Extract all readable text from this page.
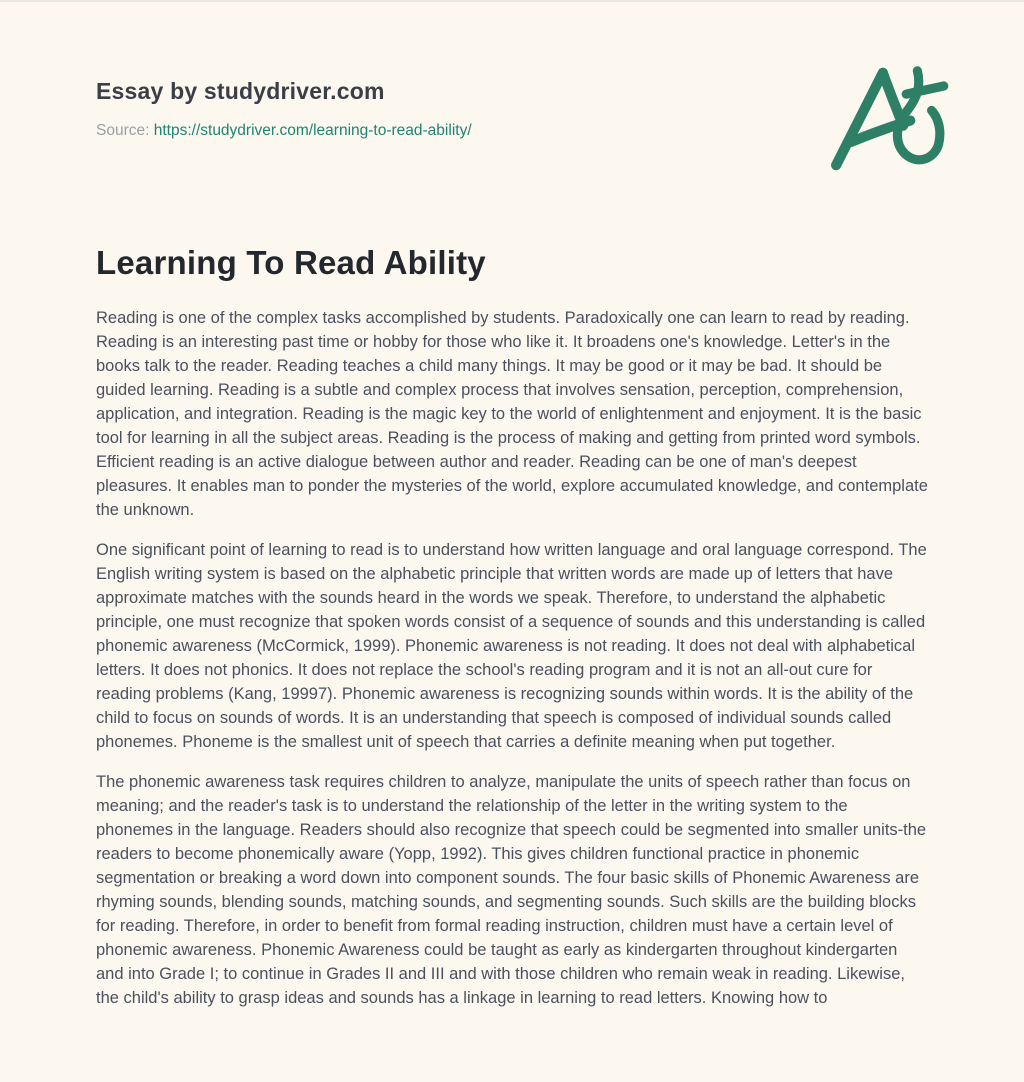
Essay by studydriver.com
Source: https://studydriver.com/learning-to-read-ability/
Learning To Read Ability

Reading is one of the complex tasks accomplished by students. Paradoxically one can learn to read by reading. Reading is an interesting past time or hobby for those who like it. It broadens one's knowledge. Letter's in the books talk to the reader. Reading teaches a child many things. It may be good or it may be bad. It should be guided learning. Reading is a subtle and complex process that involves sensation, perception, comprehension, application, and integration. Reading is the magic key to the world of enlightenment and enjoyment. It is the basic tool for learning in all the subject areas. Reading is the process of making and getting from printed word symbols. Efficient reading is an active dialogue between author and reader. Reading can be one of man's deepest pleasures. It enables man to ponder the mysteries of the world, explore accumulated knowledge, and contemplate the unknown.

One significant point of learning to read is to understand how written language and oral language correspond. The English writing system is based on the alphabetic principle that written words are made up of letters that have approximate matches with the sounds heard in the words we speak. Therefore, to understand the alphabetic principle, one must recognize that spoken words consist of a sequence of sounds and this understanding is called phonemic awareness (McCormick, 1999). Phonemic awareness is not reading. It does not deal with alphabetical letters. It does not phonics. It does not replace the school's reading program and it is not an all-out cure for reading problems (Kang, 19997). Phonemic awareness is recognizing sounds within words. It is the ability of the child to focus on sounds of words. It is an understanding that speech is composed of individual sounds called phonemes. Phoneme is the smallest unit of speech that carries a definite meaning when put together.

The phonemic awareness task requires children to analyze, manipulate the units of speech rather than focus on meaning; and the reader's task is to understand the relationship of the letter in the writing system to the phonemes in the language. Readers should also recognize that speech could be segmented into smaller units-the readers to become phonemically aware (Yopp, 1992). This gives children functional practice in phonemic segmentation or breaking a word down into component sounds. The four basic skills of Phonemic Awareness are rhyming sounds, blending sounds, matching sounds, and segmenting sounds. Such skills are the building blocks for reading. Therefore, in order to benefit from formal reading instruction, children must have a certain level of phonemic awareness. Phonemic Awareness could be taught as early as kindergarten throughout kindergarten and into Grade I; to continue in Grades II and III and with those children who remain weak in reading. Likewise, the child's ability to grasp ideas and sounds has a linkage in learning to read letters. Knowing how to
